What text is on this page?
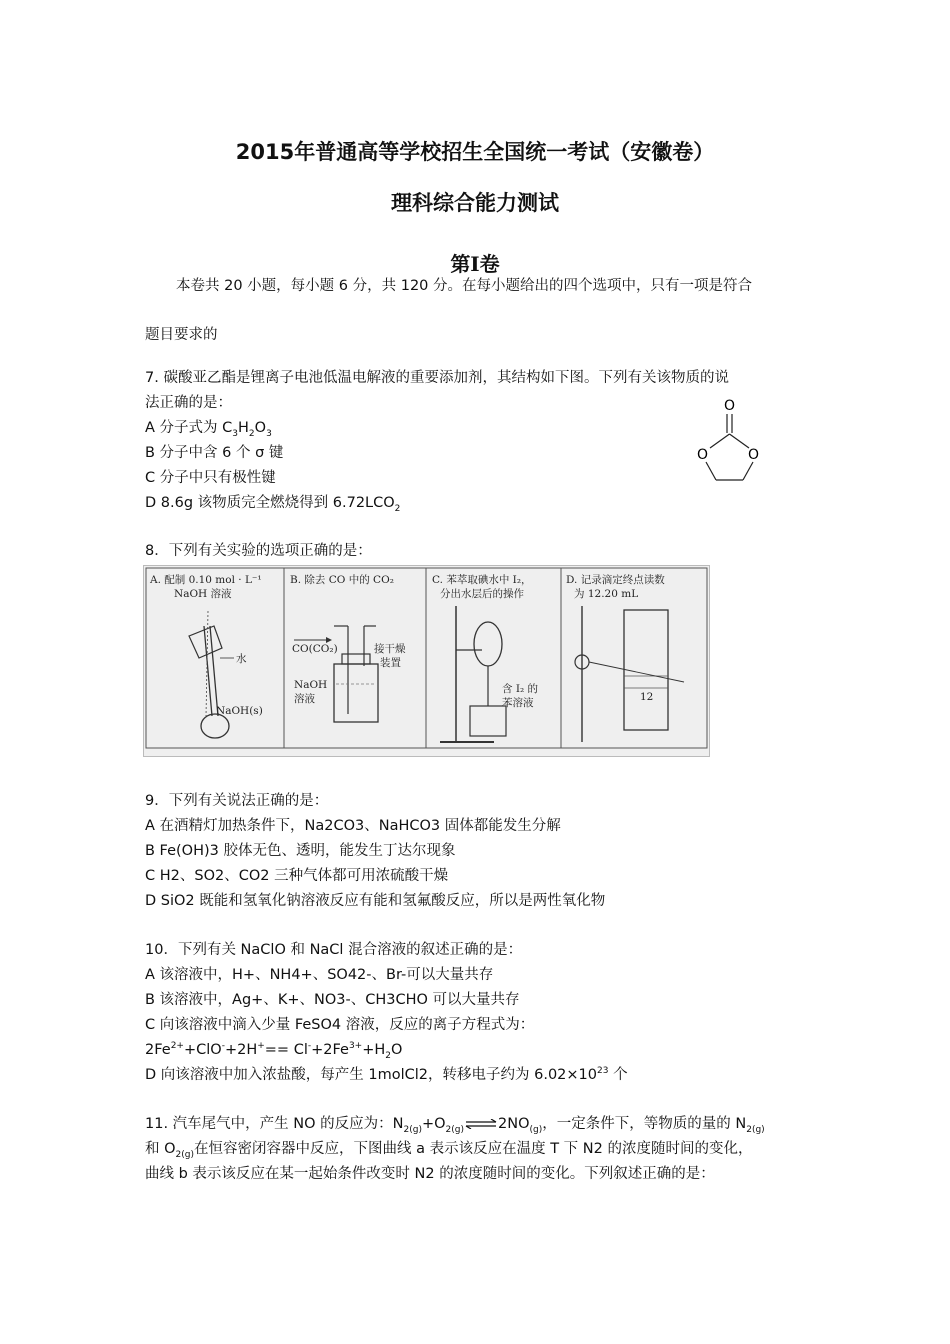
2015年普通高等学校招生全国统一考试（安徽卷）
理科综合能力测试
第Ⅰ卷
本卷共 20 小题，每小题 6 分，共 120 分。在每小题给出的四个选项中，只有一项是符合
题目要求的
7. 碳酸亚乙酯是锂离子电池低温电解液的重要添加剂，其结构如下图。下列有关该物质的说
法正确的是：
A 分子式为 $C_3H_2O_3$
B 分子中含 6 个 σ 键
C 分子中只有极性键
D 8.6g 该物质完全燃烧得到 $6.72LCO_2$
O
O	O
8．下列有关实验的选项正确的是：
A. 配制 0.10 mol · L⁻¹
NaOH 溶液
水
NaOH(s)
B. 除去 CO 中的 CO₂
CO(CO₂)	接干燥
装置
NaOH
溶液
C. 苯萃取碘水中 I₂，
分出水层后的操作
含 I₂ 的
苯溶液
D. 记录滴定终点读数
为 12.20 mL
12
9．下列有关说法正确的是：
A 在酒精灯加热条件下，Na2CO3、NaHCO3 固体都能发生分解
B Fe(OH)3 胶体无色、透明，能发生丁达尔现象
C H2、SO2、CO2 三种气体都可用浓硫酸干燥
D SiO2 既能和氢氧化钠溶液反应有能和氢氟酸反应，所以是两性氧化物
10．下列有关 NaClO 和 NaCl 混合溶液的叙述正确的是：
A 该溶液中，H+、NH4+、SO42-、Br-可以大量共存
B 该溶液中，Ag+、K+、NO3-、CH3CHO 可以大量共存
C 向该溶液中滴入少量 FeSO4 溶液，反应的离子方程式为：
$2Fe^{2+}+ClO^-+2H^+== Cl^-+2Fe^{3+}+H_2O$
D 向该溶液中加入浓盐酸，每产生 1molCl2，转移电子约为 $6.02\times 10^{23}$ 个
11. 汽车尾气中，产生 NO 的反应为：$N_{2(g)}+O_{2(g)}$ $\rightleftharpoons 2NO_{(g)}$，一定条件下，等物质的量的 $N_{2(g)}$
和 $O_{2(g)}$在恒容密闭容器中反应，下图曲线 a 表示该反应在温度 T 下 N2 的浓度随时间的变化，
曲线 b 表示该反应在某一起始条件改变时 N2 的浓度随时间的变化。下列叙述正确的是：
